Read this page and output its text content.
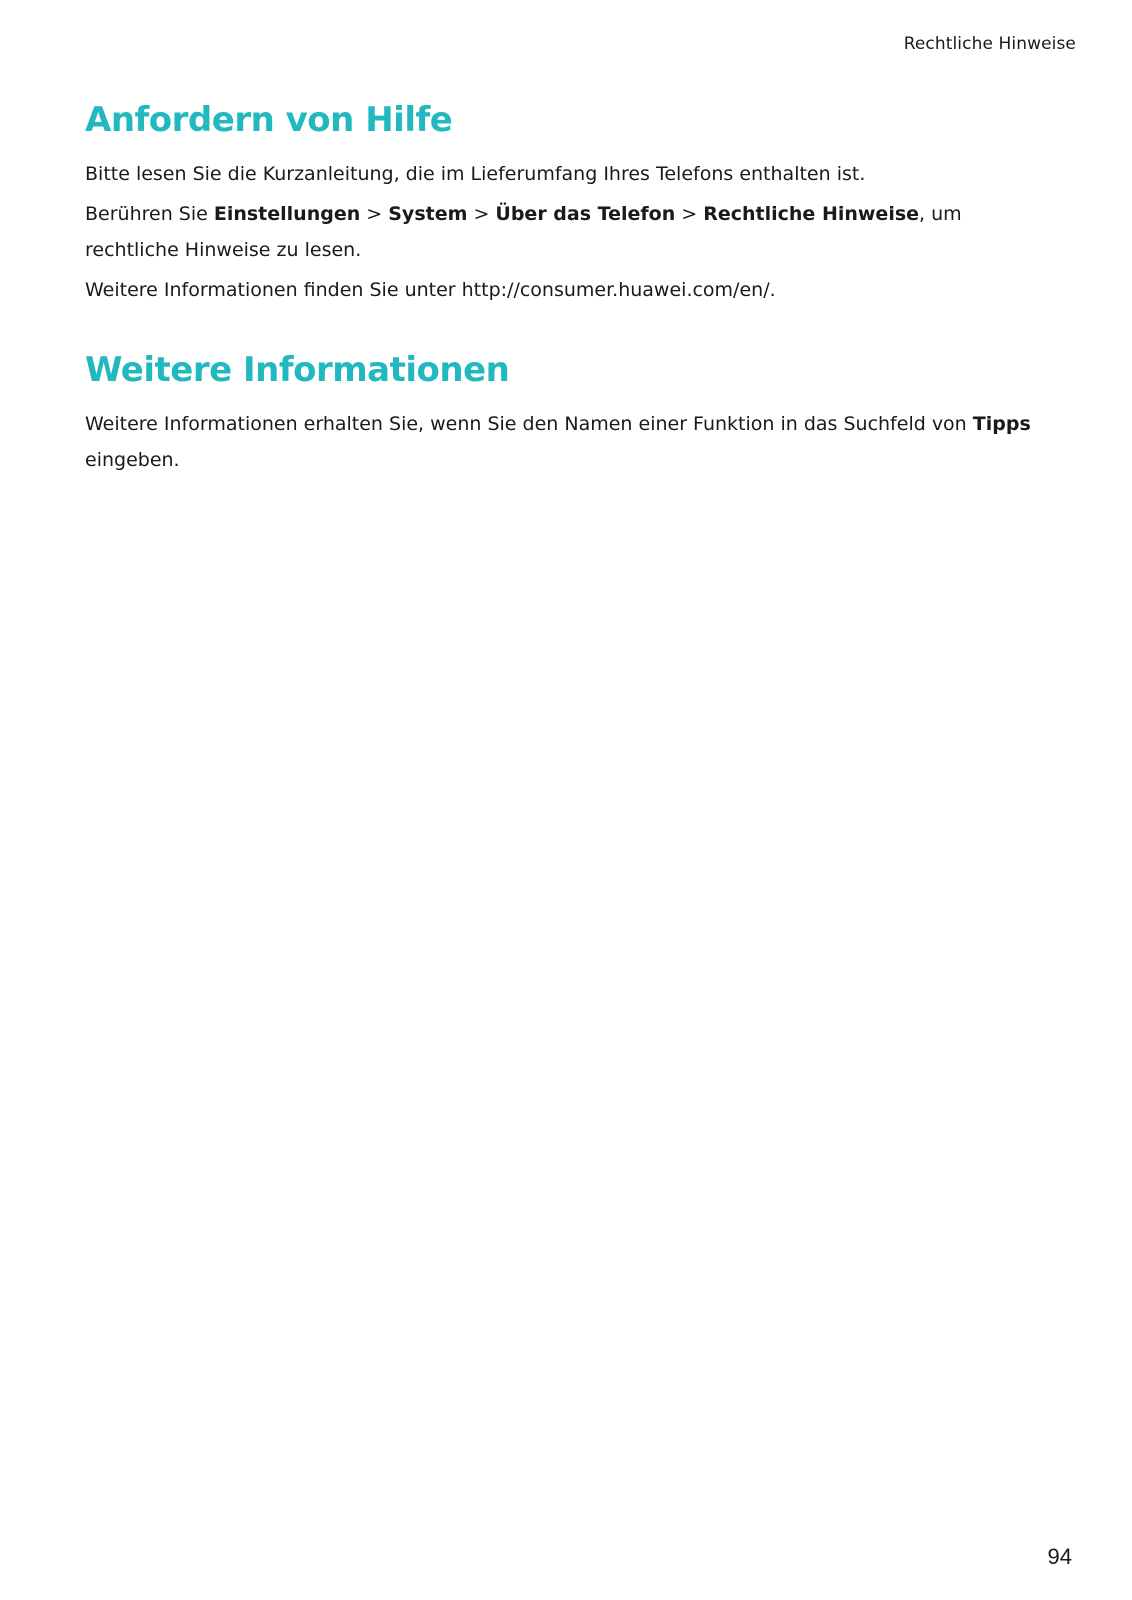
Rechtliche Hinweise
Anfordern von Hilfe

Bitte lesen Sie die Kurzanleitung, die im Lieferumfang Ihres Telefons enthalten ist.

Berühren Sie Einstellungen > System > Über das Telefon > Rechtliche Hinweise, um rechtliche Hinweise zu lesen.

Weitere Informationen finden Sie unter http://consumer.huawei.com/en/.

Weitere Informationen

Weitere Informationen erhalten Sie, wenn Sie den Namen einer Funktion in das Suchfeld von Tipps eingeben.

94
